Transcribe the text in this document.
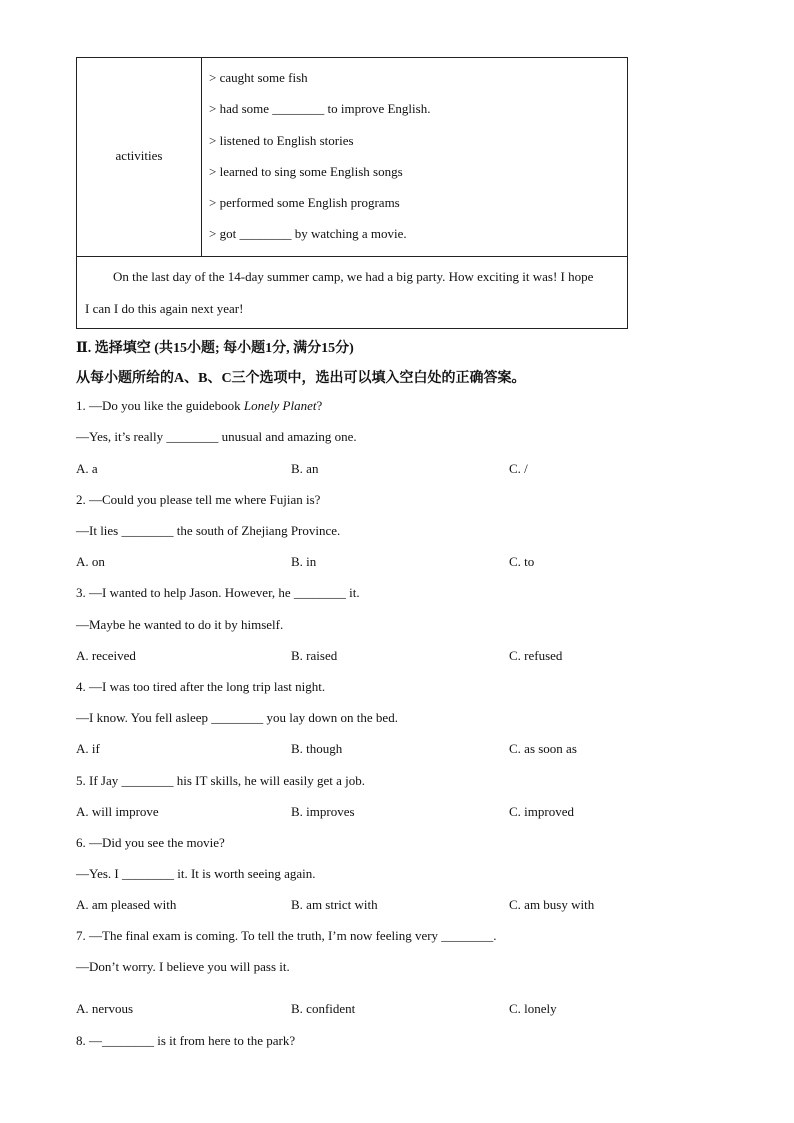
activities
> caught some fish
> had some ________ to improve English.
> listened to English stories
> learned to sing some English songs
> performed some English programs
> got ________ by watching a movie.
On the last day of the 14-day summer camp, we had a big party. How exciting it was! I hope
I can I do this again next year!
Ⅱ. 选择填空 (共15小题; 每小题1分, 满分15分)
从每小题所给的A、B、C三个选项中，选出可以填入空白处的正确答案。
1. —Do you like the guidebook Lonely Planet?
—Yes, it’s really ________ unusual and amazing one.
A. a	B. an	C. /
2. —Could you please tell me where Fujian is?
—It lies ________ the south of Zhejiang Province.
A. on	B. in	C. to
3. —I wanted to help Jason. However, he ________ it.
—Maybe he wanted to do it by himself.
A. received	B. raised	C. refused
4. —I was too tired after the long trip last night.
—I know. You fell asleep ________ you lay down on the bed.
A. if	B. though	C. as soon as
5. If Jay ________ his IT skills, he will easily get a job.
A. will improve	B. improves	C. improved
6. —Did you see the movie?
—Yes. I ________ it. It is worth seeing again.
A. am pleased with	B. am strict with	C. am busy with
7. —The final exam is coming. To tell the truth, I’m now feeling very ________.
—Don’t worry. I believe you will pass it.
A. nervous	B. confident	C. lonely
8. —________ is it from here to the park?
